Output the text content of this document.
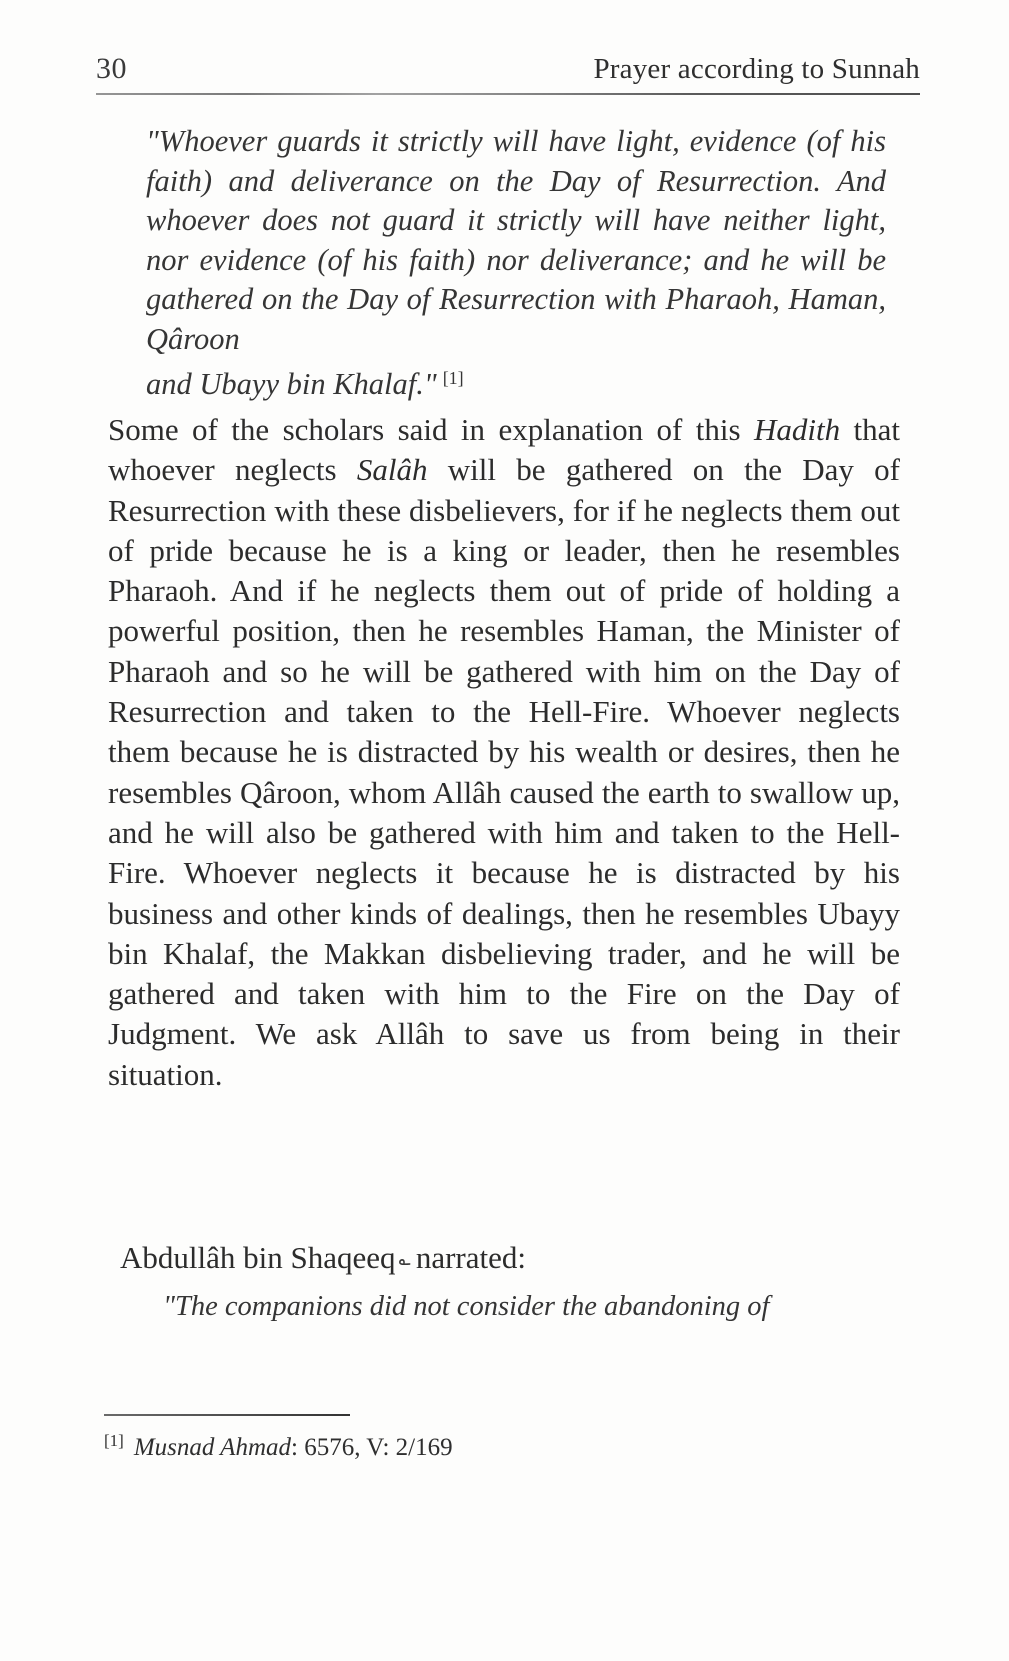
30	Prayer according to Sunnah
"Whoever guards it strictly will have light, evidence (of his faith) and deliverance on the Day of Resurrection. And whoever does not guard it strictly will have neither light, nor evidence (of his faith) nor deliverance; and he will be gathered on the Day of Resurrection with Pharaoh, Haman, Qâroon
and Ubayy bin Khalaf." [1]
Some of the scholars said in explanation of this Hadith that whoever neglects Salâh will be gathered on the Day of Resurrection with these disbelievers, for if he neglects them out of pride because he is a king or leader, then he resembles Pharaoh. And if he neglects them out of pride of holding a powerful position, then he resembles Haman, the Minister of Pharaoh and so he will be gathered with him on the Day of Resurrection and taken to the Hell-Fire. Whoever neglects them because he is distracted by his wealth or desires, then he resembles Qâroon, whom Allâh caused the earth to swallow up, and he will also be gathered with him and taken to the Hell-Fire. Whoever neglects it because he is distracted by his business and other kinds of dealings, then he resembles Ubayy bin Khalaf, the Makkan disbelieving trader, and he will be gathered and taken with him to the Fire on the Day of Judgment. We ask Allâh to save us from being in their situation.
Abdullâh bin Shaqeeq ؎ narrated:
"The companions did not consider the abandoning of
[1] Musnad Ahmad: 6576, V: 2/169
